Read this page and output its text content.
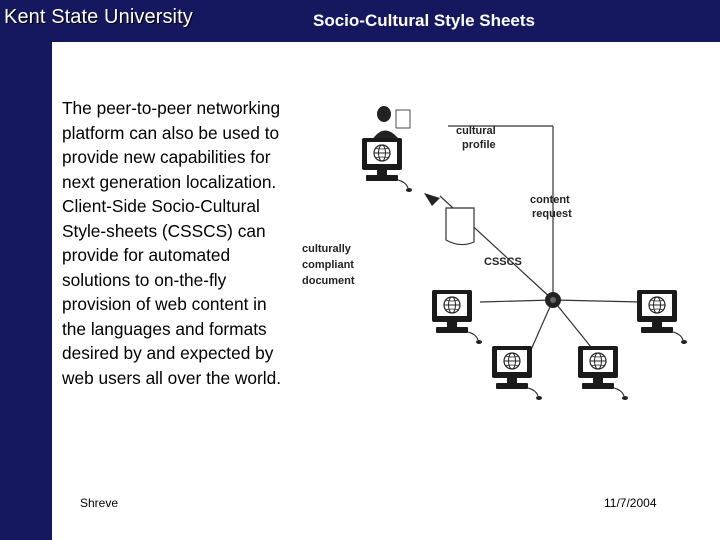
Kent State University	Socio-Cultural Style Sheets
The peer-to-peer networking platform can also be used to provide new capabilities for next generation localization. Client-Side Socio-Cultural Style-sheets (CSSCS) can provide for automated solutions to on-the-fly provision of web content in the languages and formats desired by and expected by web users all over the world.
cultural
profile
content
request
CSSCS
culturally
compliant
document
Shreve	11/7/2004
